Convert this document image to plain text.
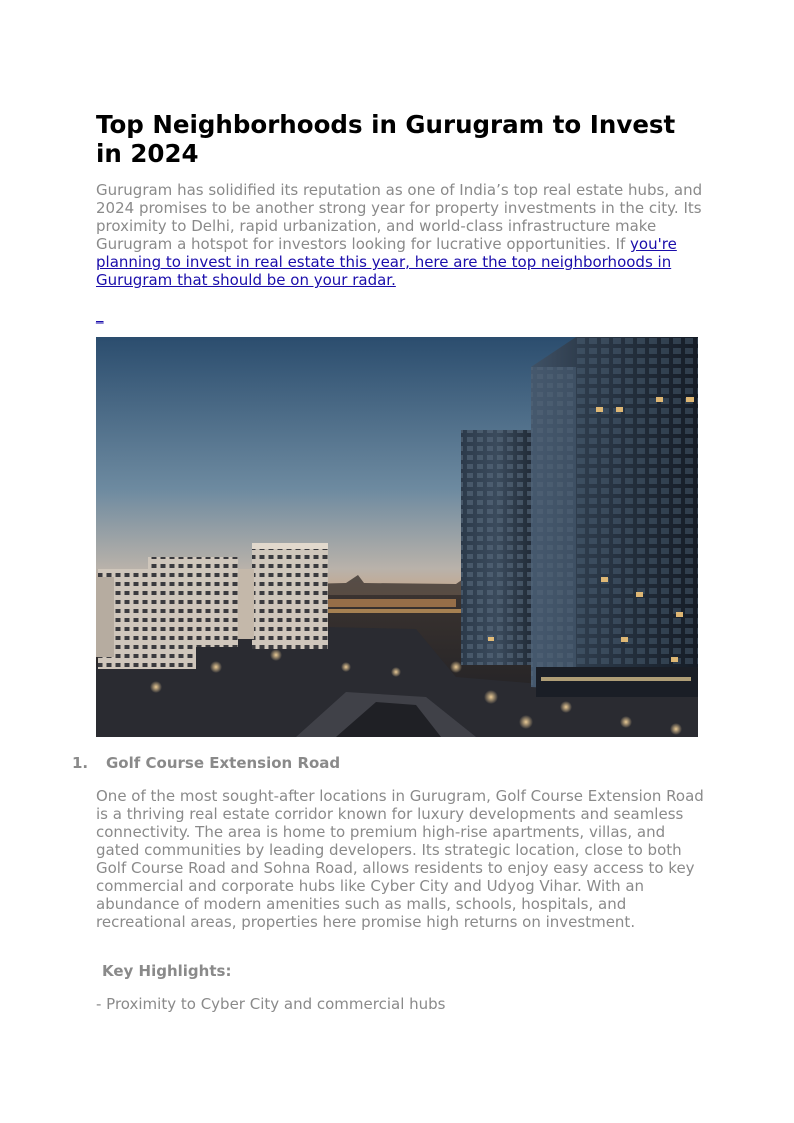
Top Neighborhoods in Gurugram to Invest
in 2024

Gurugram has solidified its reputation as one of India’s top real estate hubs, and 2024 promises to be another strong year for property investments in the city. Its proximity to Delhi, rapid urbanization, and world-class infrastructure make Gurugram a hotspot for investors looking for lucrative opportunities. If you're planning to invest in real estate this year, here are the top neighborhoods in Gurugram that should be on your radar.

_

1. Golf Course Extension Road

One of the most sought-after locations in Gurugram, Golf Course Extension Road is a thriving real estate corridor known for luxury developments and seamless connectivity. The area is home to premium high-rise apartments, villas, and gated communities by leading developers. Its strategic location, close to both Golf Course Road and Sohna Road, allows residents to enjoy easy access to key commercial and corporate hubs like Cyber City and Udyog Vihar. With an abundance of modern amenities such as malls, schools, hospitals, and recreational areas, properties here promise high returns on investment.

Key Highlights:

- Proximity to Cyber City and commercial hubs
